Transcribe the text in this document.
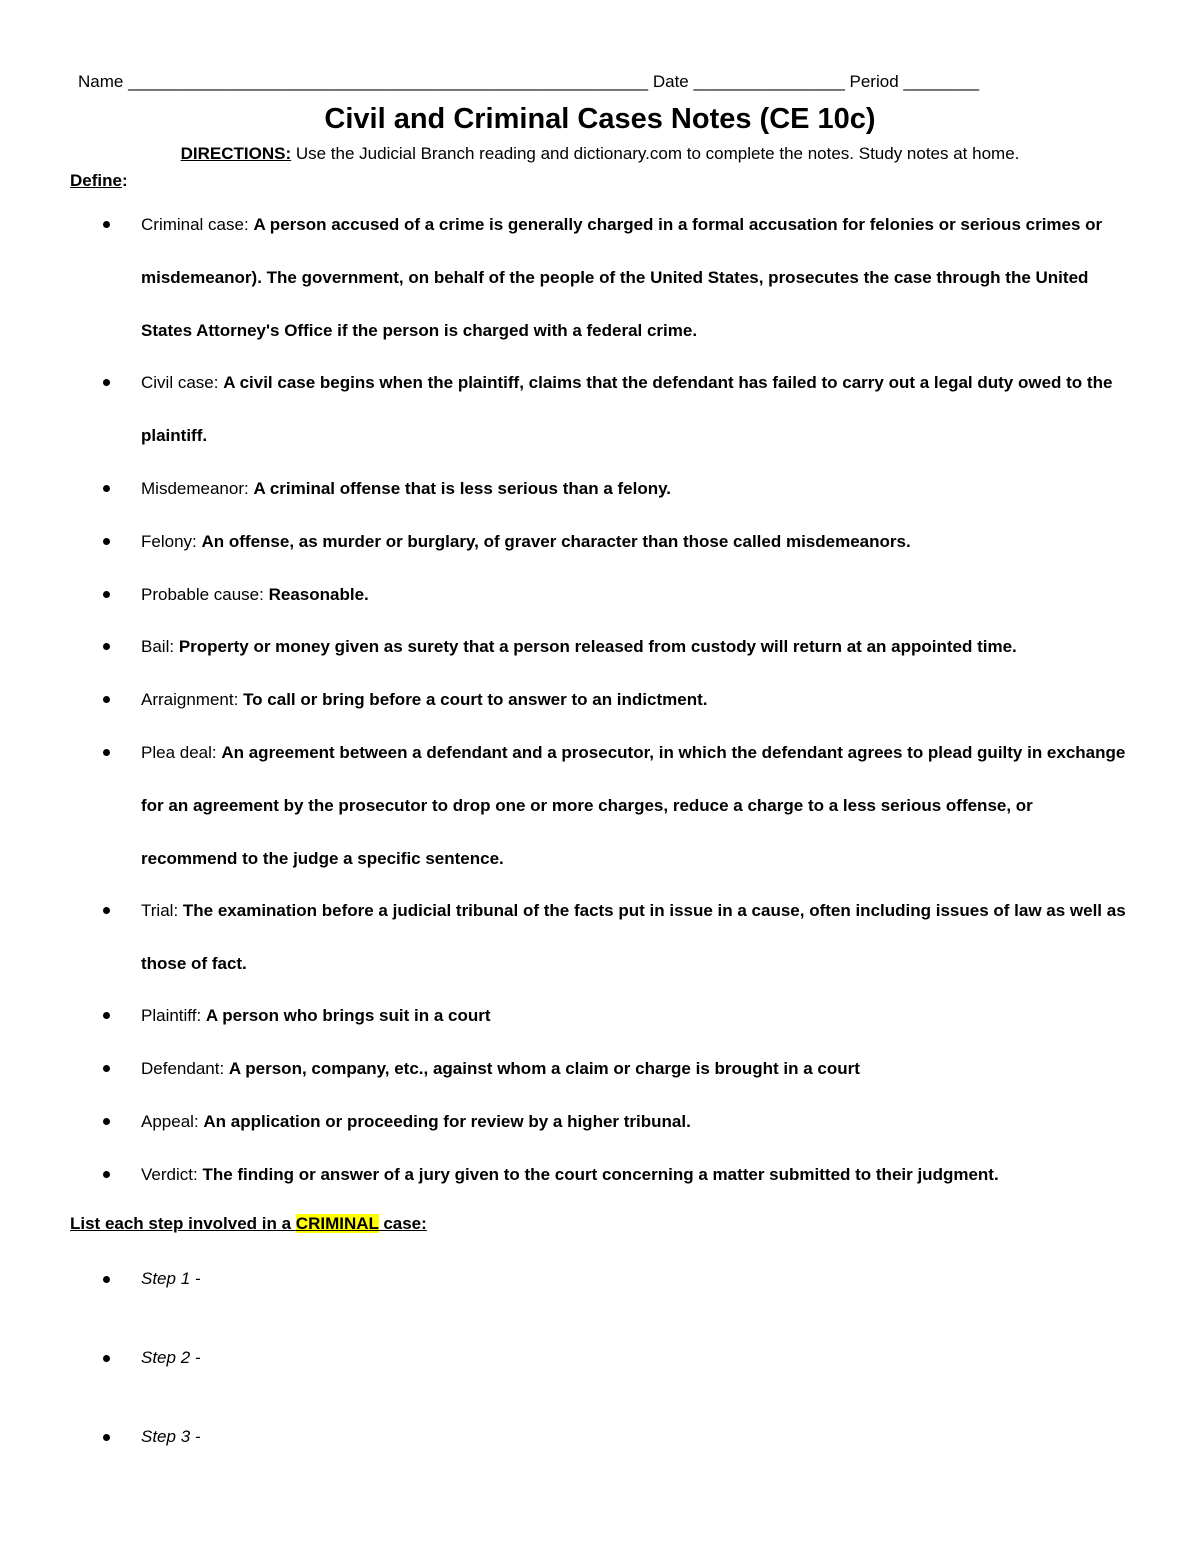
Name _______________________________________________________ Date ________________ Period ________
Civil and Criminal Cases Notes (CE 10c)
DIRECTIONS: Use the Judicial Branch reading and dictionary.com to complete the notes. Study notes at home.
Define:
Criminal case: A person accused of a crime is generally charged in a formal accusation for felonies or serious crimes or misdemeanor). The government, on behalf of the people of the United States, prosecutes the case through the United States Attorney's Office if the person is charged with a federal crime.
Civil case: A civil case begins when the plaintiff, claims that the defendant has failed to carry out a legal duty owed to the plaintiff.
Misdemeanor: A criminal offense that is less serious than a felony.
Felony: An offense, as murder or burglary, of graver character than those called misdemeanors.
Probable cause: Reasonable.
Bail: Property or money given as surety that a person released from custody will return at an appointed time.
Arraignment: To call or bring before a court to answer to an indictment.
Plea deal: An agreement between a defendant and a prosecutor, in which the defendant agrees to plead guilty in exchange for an agreement by the prosecutor to drop one or more charges, reduce a charge to a less serious offense, or recommend to the judge a specific sentence.
Trial: The examination before a judicial tribunal of the facts put in issue in a cause, often including issues of law as well as those of fact.
Plaintiff: A person who brings suit in a court
Defendant: A person, company, etc., against whom a claim or charge is brought in a court
Appeal: An application or proceeding for review by a higher tribunal.
Verdict: The finding or answer of a jury given to the court concerning a matter submitted to their judgment.
List each step involved in a CRIMINAL case:
Step 1 -
Step 2 -
Step 3 -
